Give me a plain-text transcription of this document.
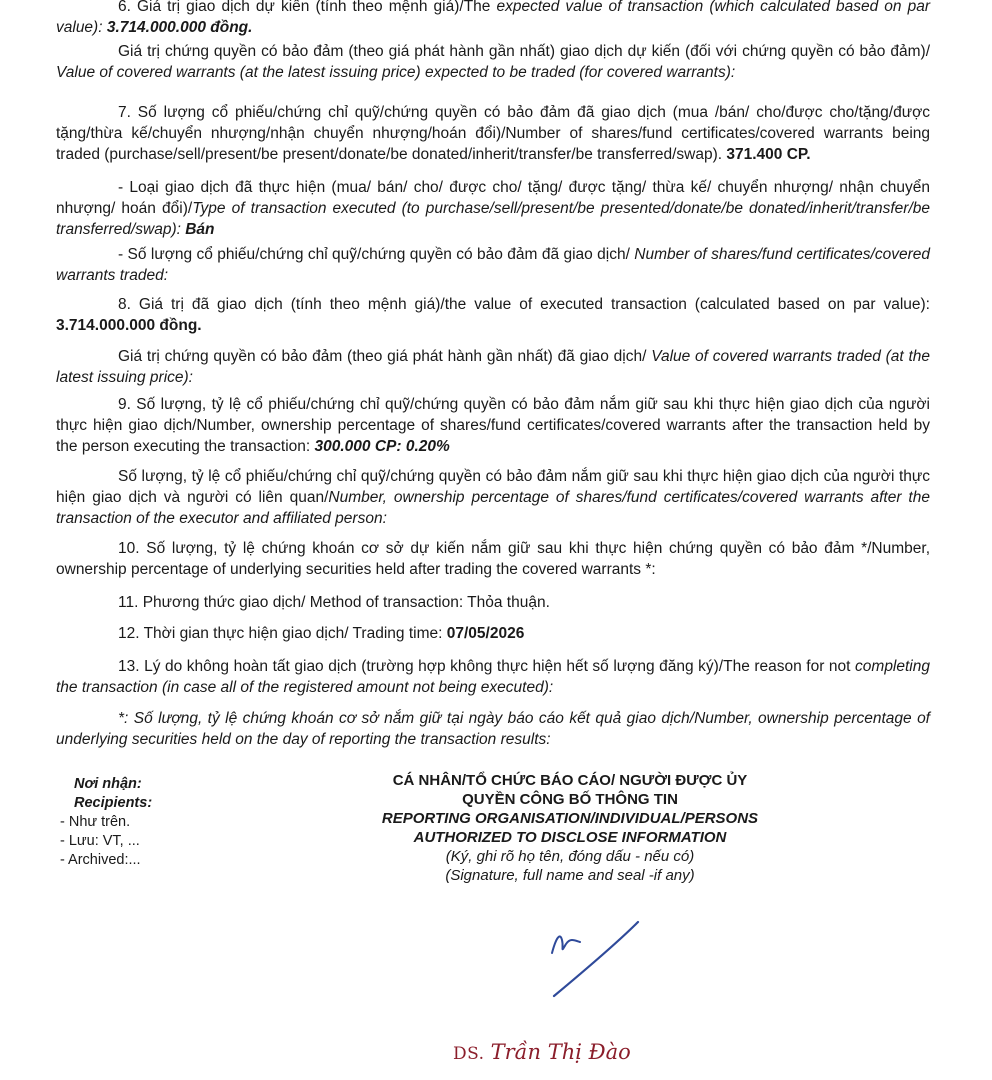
6. Giá trị giao dịch dự kiến (tính theo mệnh giá)/The expected value of transaction (which calculated based on par value): 3.714.000.000 đồng.

Giá trị chứng quyền có bảo đảm (theo giá phát hành gần nhất) giao dịch dự kiến (đối với chứng quyền có bảo đảm)/ Value of covered warrants (at the latest issuing price) expected to be traded (for covered warrants):

7. Số lượng cổ phiếu/chứng chỉ quỹ/chứng quyền có bảo đảm đã giao dịch (mua /bán/ cho/được cho/tặng/được tặng/thừa kế/chuyển nhượng/nhận chuyển nhượng/hoán đổi)/Number of shares/fund certificates/covered warrants being traded (purchase/sell/present/be present/donate/be donated/inherit/transfer/be transferred/swap). 371.400 CP.

- Loại giao dịch đã thực hiện (mua/ bán/ cho/ được cho/ tặng/ được tặng/ thừa kế/ chuyển nhượng/ nhận chuyển nhượng/ hoán đổi)/Type of transaction executed (to purchase/sell/present/be presented/donate/be donated/inherit/transfer/be transferred/swap): Bán

- Số lượng cổ phiếu/chứng chỉ quỹ/chứng quyền có bảo đảm đã giao dịch/ Number of shares/fund certificates/covered warrants traded:

8. Giá trị đã giao dịch (tính theo mệnh giá)/the value of executed transaction (calculated based on par value): 3.714.000.000 đồng.

Giá trị chứng quyền có bảo đảm (theo giá phát hành gần nhất) đã giao dịch/ Value of covered warrants traded (at the latest issuing price):

9. Số lượng, tỷ lệ cổ phiếu/chứng chỉ quỹ/chứng quyền có bảo đảm nắm giữ sau khi thực hiện giao dịch của người thực hiện giao dịch/Number, ownership percentage of shares/fund certificates/covered warrants after the transaction held by the person executing the transaction: 300.000 CP: 0.20%

Số lượng, tỷ lệ cổ phiếu/chứng chỉ quỹ/chứng quyền có bảo đảm nắm giữ sau khi thực hiện giao dịch của người thực hiện giao dịch và người có liên quan/Number, ownership percentage of shares/fund certificates/covered warrants after the transaction of the executor and affiliated person:

10. Số lượng, tỷ lệ chứng khoán cơ sở dự kiến nắm giữ sau khi thực hiện chứng quyền có bảo đảm */Number, ownership percentage of underlying securities held after trading the covered warrants *:

11. Phương thức giao dịch/ Method of transaction: Thỏa thuận.

12. Thời gian thực hiện giao dịch/ Trading time: 07/05/2026

13. Lý do không hoàn tất giao dịch (trường hợp không thực hiện hết số lượng đăng ký)/The reason for not completing the transaction (in case all of the registered amount not being executed):

*: Số lượng, tỷ lệ chứng khoán cơ sở nắm giữ tại ngày báo cáo kết quả giao dịch/Number, ownership percentage of underlying securities held on the day of reporting the transaction results:

Nơi nhận:
Recipients:
- Như trên.
- Lưu: VT, ...
- Archived:...
CÁ NHÂN/TỔ CHỨC BÁO CÁO/ NGƯỜI ĐƯỢC ỦY
QUYỀN CÔNG BỐ THÔNG TIN
REPORTING ORGANISATION/INDIVIDUAL/PERSONS
AUTHORIZED TO DISCLOSE INFORMATION
(Ký, ghi rõ họ tên, đóng dấu - nếu có)
(Signature, full name and seal -if any)
DS. Trần Thị Đào
